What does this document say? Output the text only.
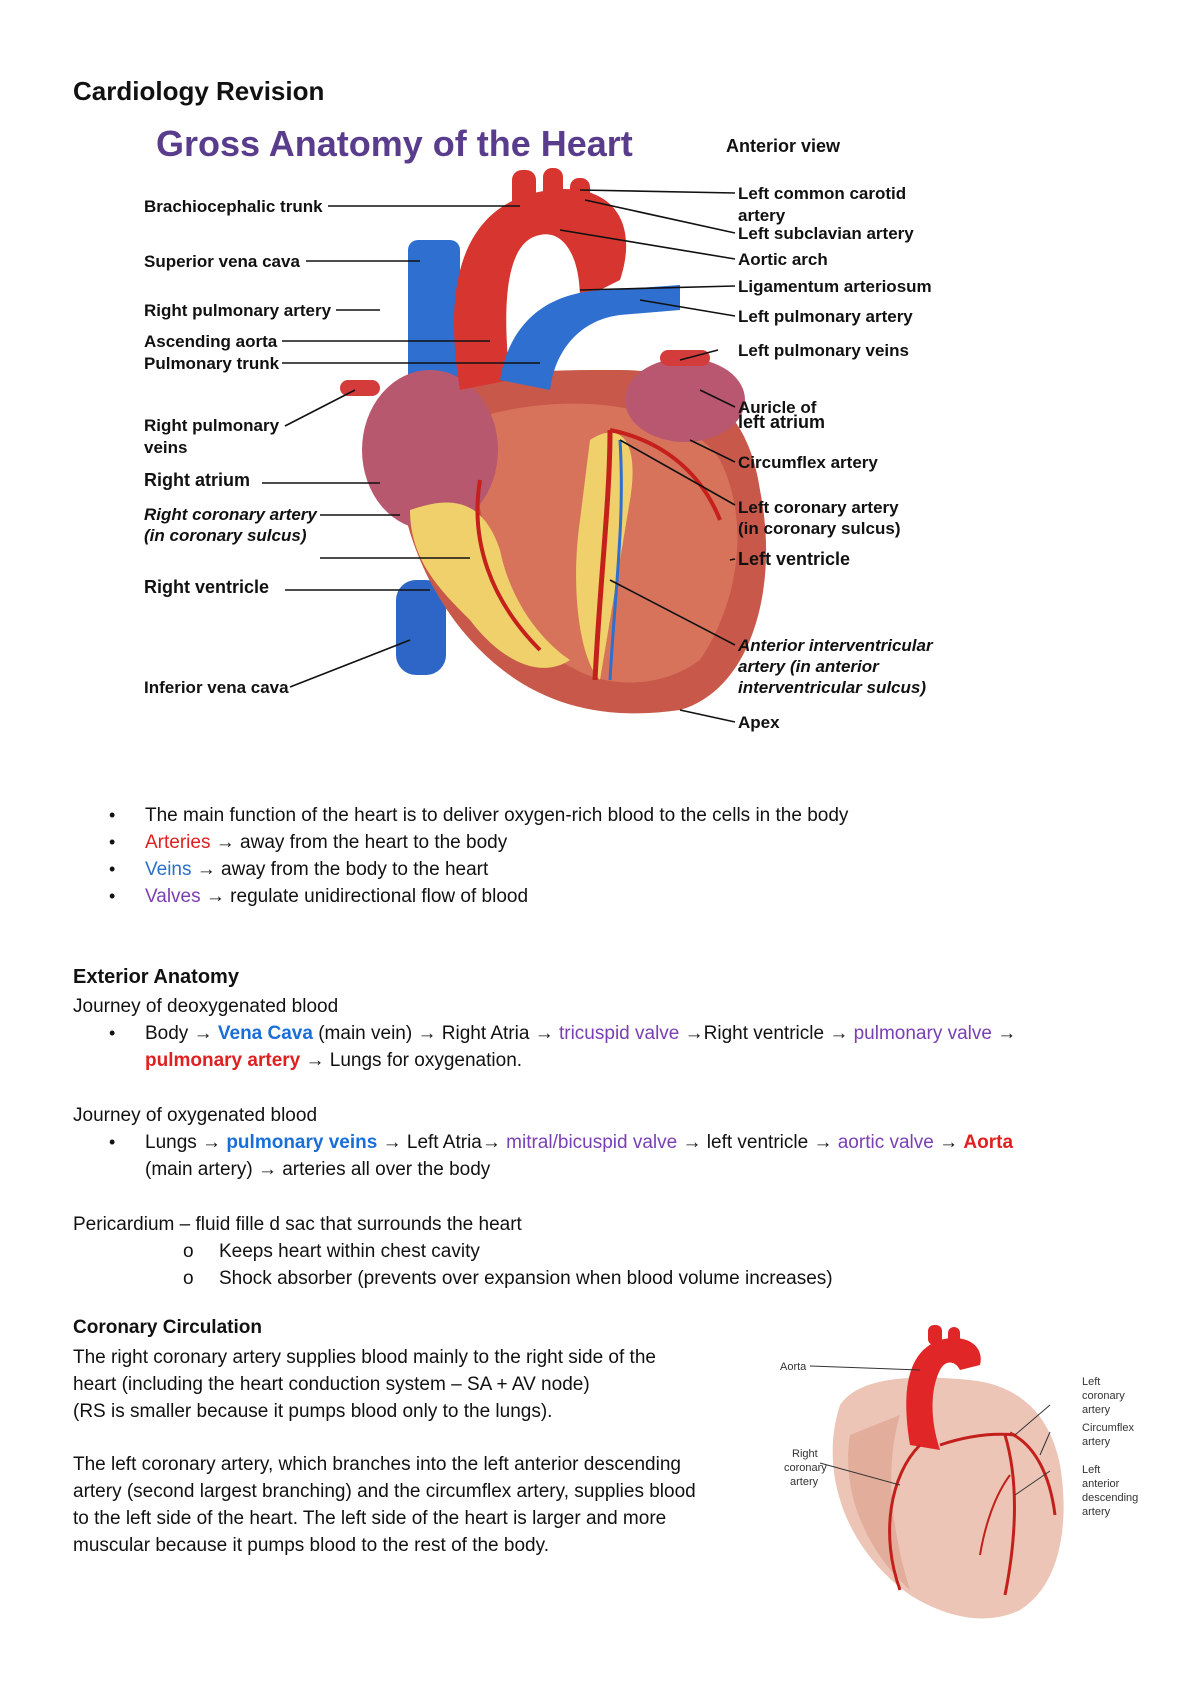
Cardiology Revision
Gross Anatomy of the Heart	Anterior view
Brachiocephalic trunk
Superior vena cava
Right pulmonary artery
Ascending aorta
Pulmonary trunk
Right pulmonary
veins
Right atrium
Right coronary artery
(in coronary sulcus)
Right ventricle
Inferior vena cava
Left common carotid
artery
Left subclavian artery
Aortic arch
Ligamentum arteriosum
Left pulmonary artery
Left pulmonary veins
Auricle of
left atrium
Circumflex artery
Left coronary artery
(in coronary sulcus)
Left ventricle
Anterior interventricular
artery (in anterior
interventricular sulcus)
Apex
• The main function of the heart is to deliver oxygen-rich blood to the cells in the body
• Arteries → away from the heart to the body
• Veins → away from the body to the heart
• Valves → regulate unidirectional flow of blood
Exterior Anatomy
Journey of deoxygenated blood
• Body → Vena Cava (main vein) → Right Atria → tricuspid valve →Right ventricle → pulmonary valve →
pulmonary artery → Lungs for oxygenation.
Journey of oxygenated blood
• Lungs → pulmonary veins → Left Atria→ mitral/bicuspid valve → left ventricle → aortic valve → Aorta
(main artery) → arteries all over the body
Pericardium – fluid fille d sac that surrounds the heart
o Keeps heart within chest cavity
o Shock absorber (prevents over expansion when blood volume increases)
Coronary Circulation
The right coronary artery supplies blood mainly to the right side of the
heart (including the heart conduction system – SA + AV node)
(RS is smaller because it pumps blood only to the lungs).
The left coronary artery, which branches into the left anterior descending
artery (second largest branching) and the circumflex artery, supplies blood
to the left side of the heart. The left side of the heart is larger and more
muscular because it pumps blood to the rest of the body.
Aorta
Right
coronary
artery
Left
coronary
artery
Circumflex
artery
Left
anterior
descending
artery
